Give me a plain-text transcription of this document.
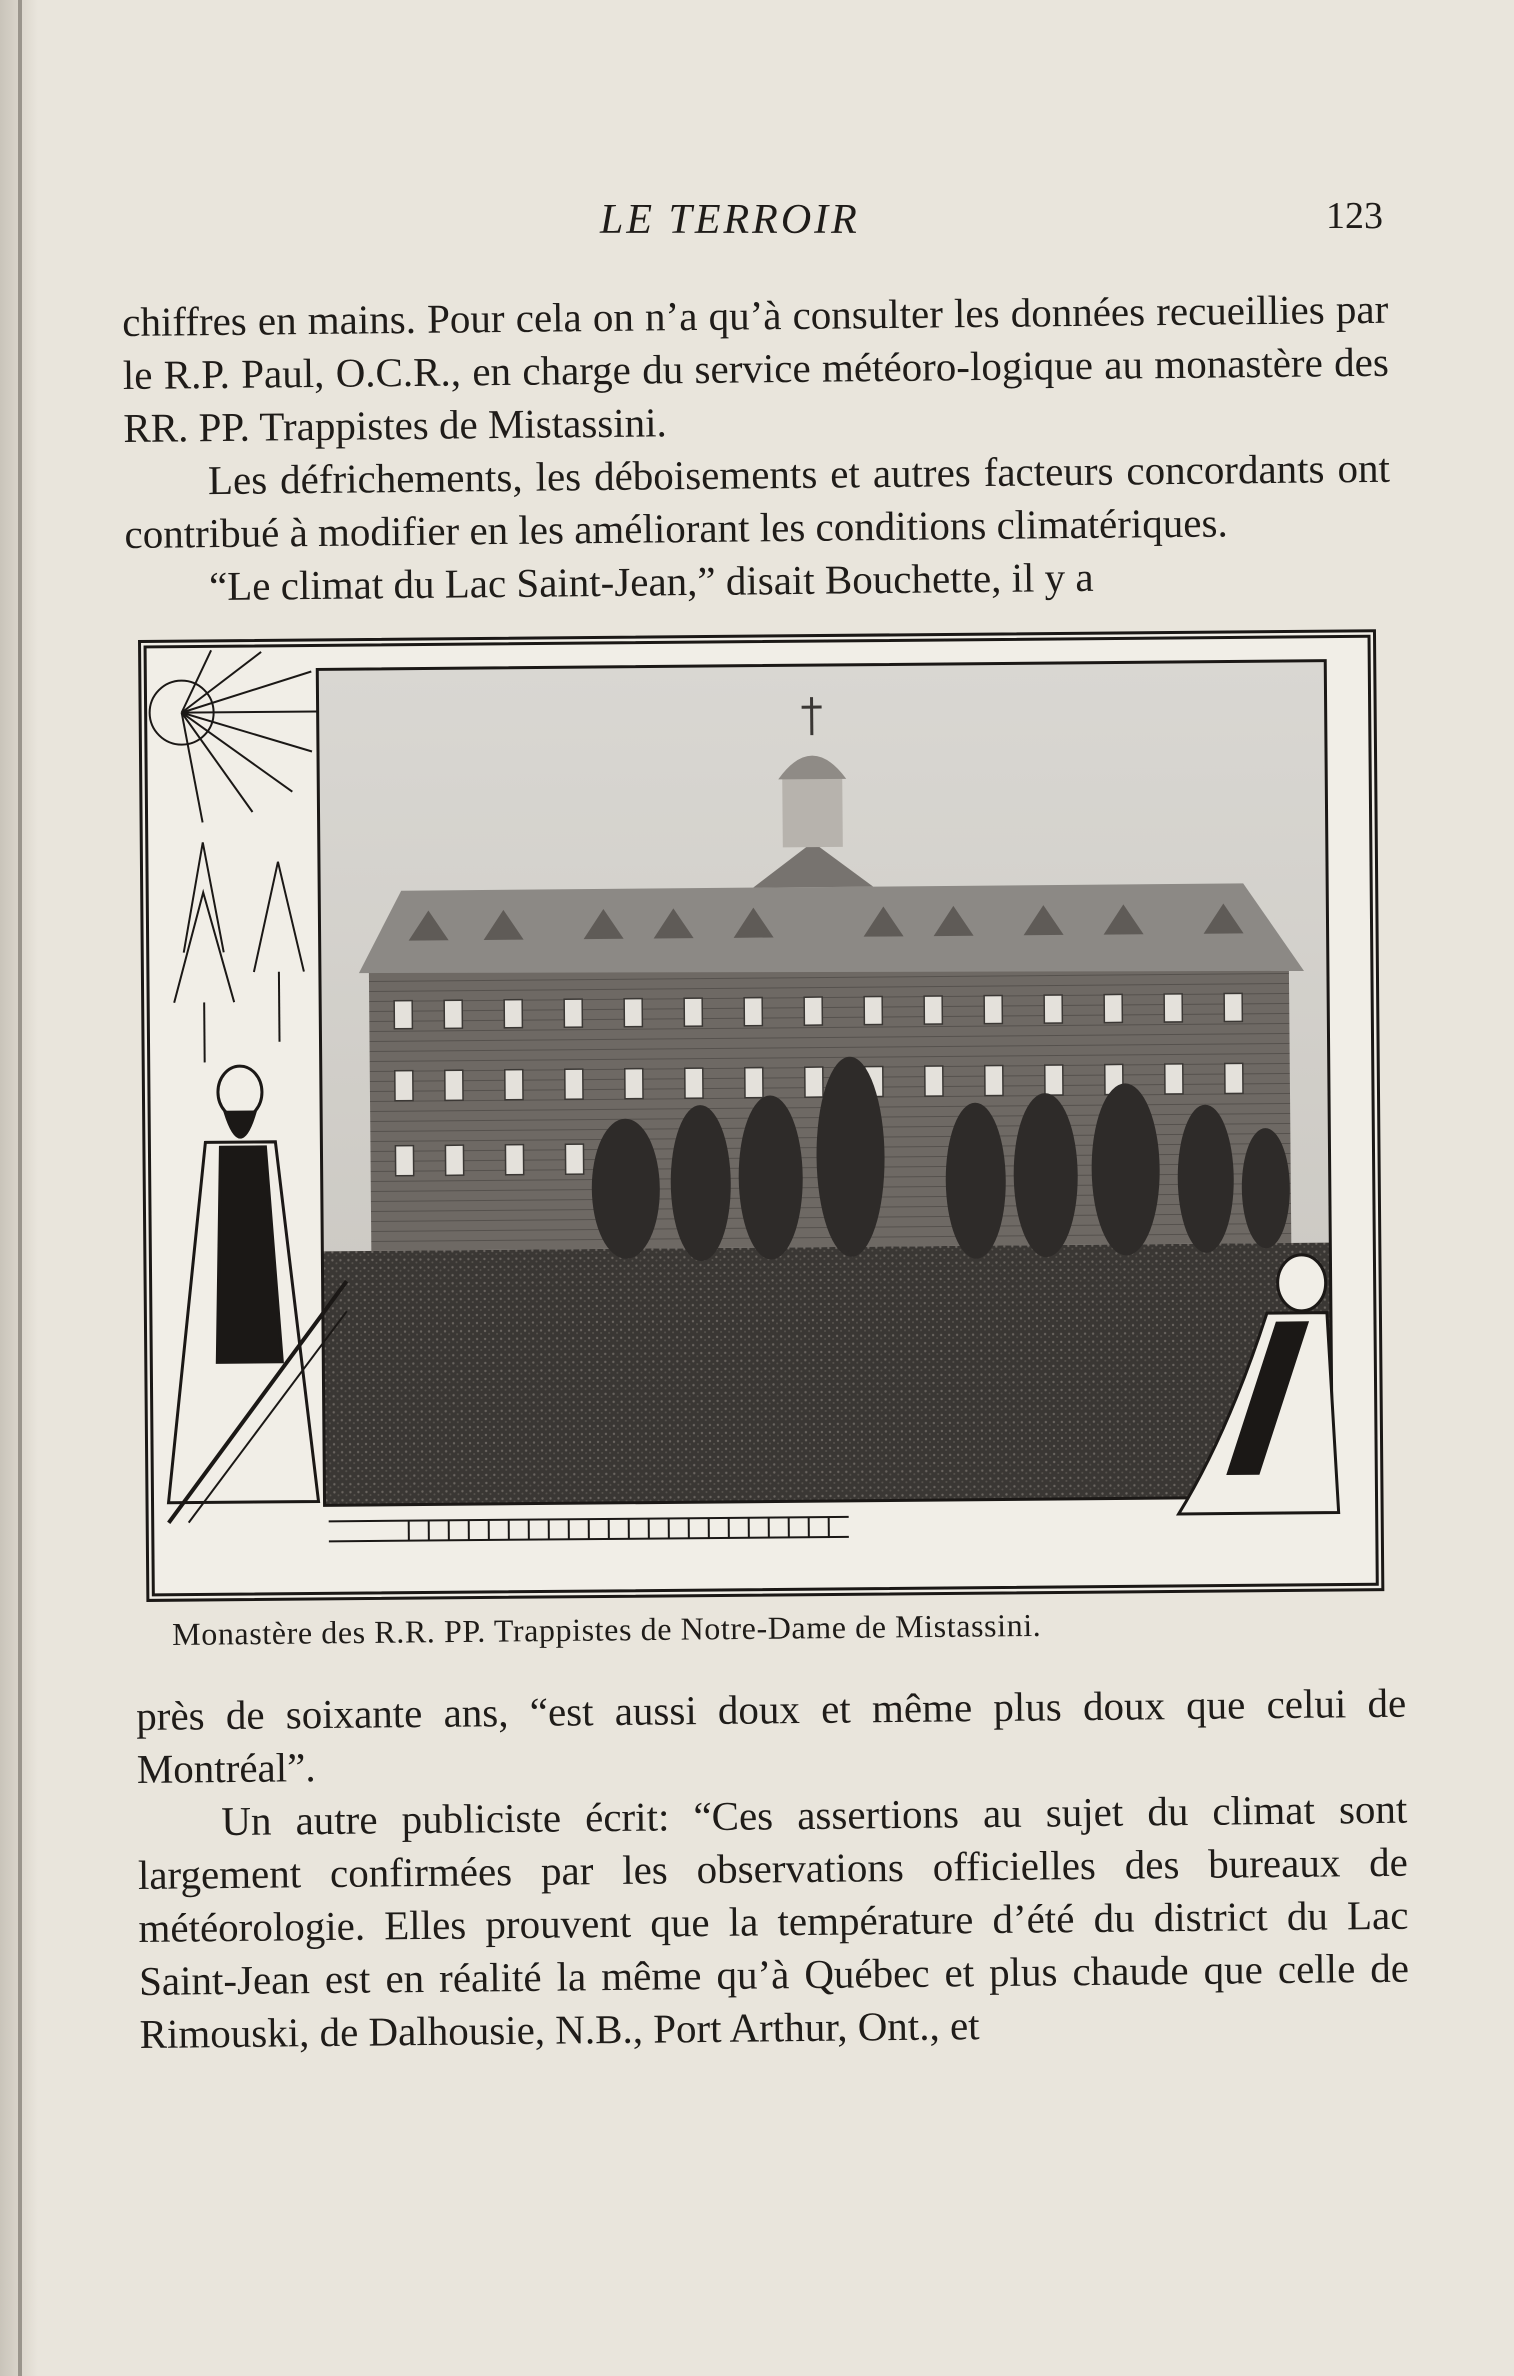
LE TERROIR	123

chiffres en mains. Pour cela on n’a qu’à consulter les données recueillies par le R.P. Paul, O.C.R., en charge du service météoro-logique au monastère des RR. PP. Trappistes de Mistassini.

Les défrichements, les déboisements et autres facteurs concordants ont contribué à modifier en les améliorant les conditions climatériques.

“Le climat du Lac Saint-Jean,” disait Bouchette, il y a

Monastère des R.R. PP. Trappistes de Notre-Dame de Mistassini.

près de soixante ans, “est aussi doux et même plus doux que celui de Montréal”.

Un autre publiciste écrit: “Ces assertions au sujet du climat sont largement confirmées par les observations officielles des bureaux de météorologie. Elles prouvent que la température d’été du district du Lac Saint-Jean est en réalité la même qu’à Québec et plus chaude que celle de Rimouski, de Dalhousie, N.B., Port Arthur, Ont., et
